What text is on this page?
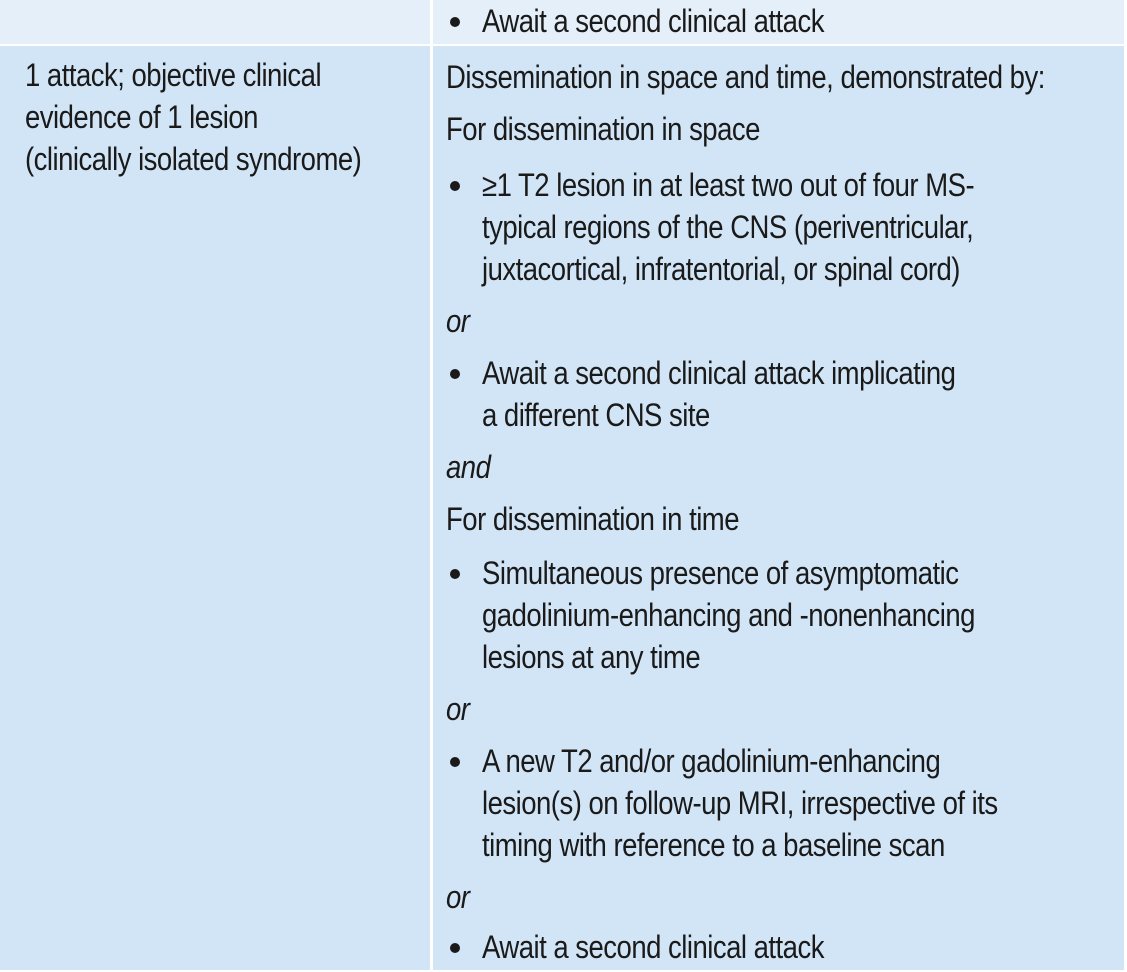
Await a second clinical attack
1 attack; objective clinical
evidence of 1 lesion
(clinically isolated syndrome)
Dissemination in space and time, demonstrated by:
For dissemination in space
≥1 T2 lesion in at least two out of four MS-
typical regions of the CNS (periventricular,
juxtacortical, infratentorial, or spinal cord)
or
Await a second clinical attack implicating
a different CNS site
and
For dissemination in time
Simultaneous presence of asymptomatic
gadolinium-enhancing and -nonenhancing
lesions at any time
or
A new T2 and/or gadolinium-enhancing
lesion(s) on follow-up MRI, irrespective of its
timing with reference to a baseline scan
or
Await a second clinical attack
